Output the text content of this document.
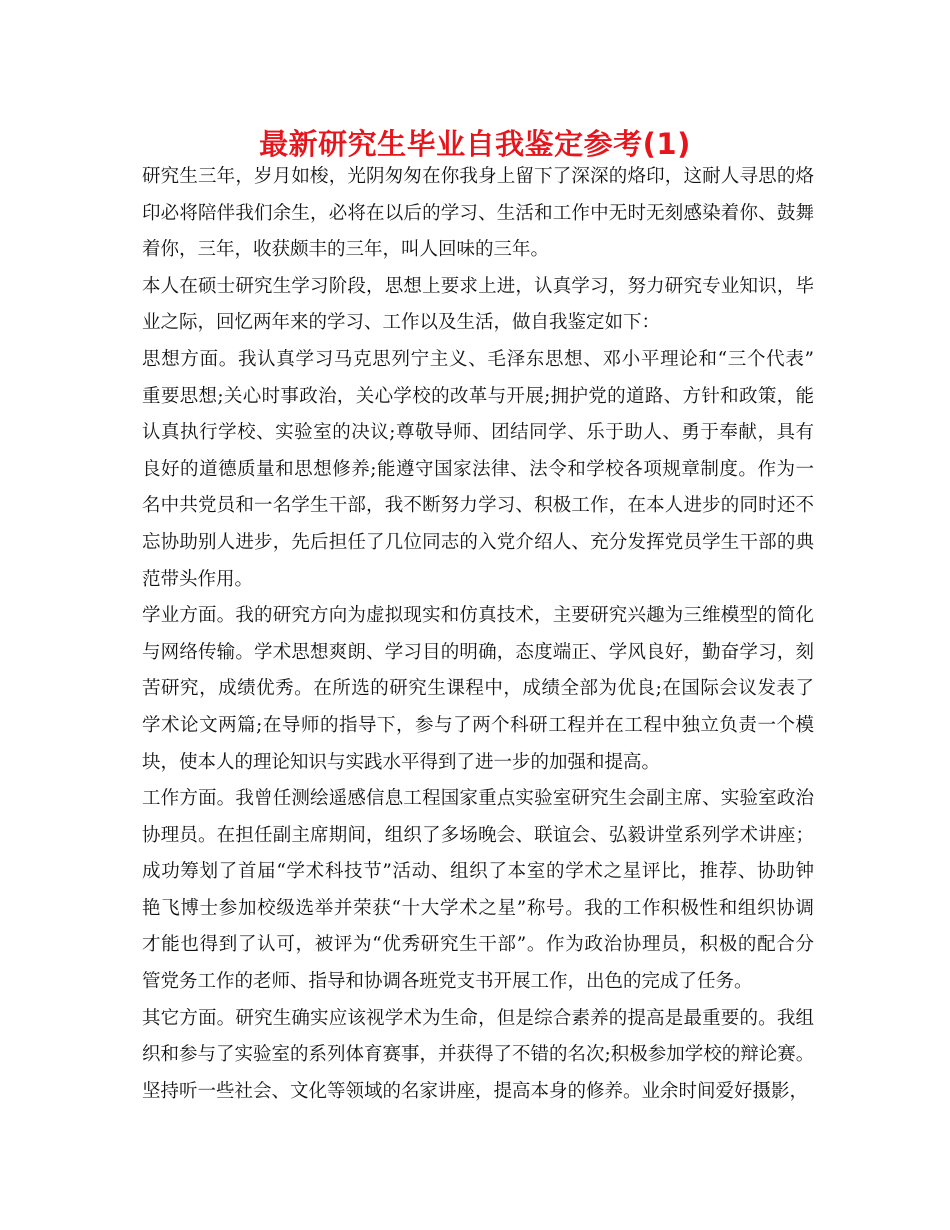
最新研究生毕业自我鉴定参考(1)
研究生三年，岁月如梭，光阴匆匆在你我身上留下了深深的烙印，这耐人寻思的烙
印必将陪伴我们余生，必将在以后的学习、生活和工作中无时无刻感染着你、鼓舞
着你，三年，收获颇丰的三年，叫人回味的三年。
本人在硕士研究生学习阶段，思想上要求上进，认真学习，努力研究专业知识，毕
业之际，回忆两年来的学习、工作以及生活，做自我鉴定如下：
思想方面。我认真学习马克思列宁主义、毛泽东思想、邓小平理论和“三个代表”
重要思想;关心时事政治，关心学校的改革与开展;拥护党的道路、方针和政策，能
认真执行学校、实验室的决议;尊敬导师、团结同学、乐于助人、勇于奉献，具有
良好的道德质量和思想修养;能遵守国家法律、法令和学校各项规章制度。作为一
名中共党员和一名学生干部，我不断努力学习、积极工作，在本人进步的同时还不
忘协助别人进步，先后担任了几位同志的入党介绍人、充分发挥党员学生干部的典
范带头作用。
学业方面。我的研究方向为虚拟现实和仿真技术，主要研究兴趣为三维模型的简化
与网络传输。学术思想爽朗、学习目的明确，态度端正、学风良好，勤奋学习，刻
苦研究，成绩优秀。在所选的研究生课程中，成绩全部为优良;在国际会议发表了
学术论文两篇;在导师的指导下，参与了两个科研工程并在工程中独立负责一个模
块，使本人的理论知识与实践水平得到了进一步的加强和提高。
工作方面。我曾任测绘遥感信息工程国家重点实验室研究生会副主席、实验室政治
协理员。在担任副主席期间，组织了多场晚会、联谊会、弘毅讲堂系列学术讲座；
成功筹划了首届“学术科技节”活动、组织了本室的学术之星评比，推荐、协助钟
艳飞博士参加校级选举并荣获“十大学术之星”称号。我的工作积极性和组织协调
才能也得到了认可，被评为“优秀研究生干部”。作为政治协理员，积极的配合分
管党务工作的老师、指导和协调各班党支书开展工作，出色的完成了任务。
其它方面。研究生确实应该视学术为生命，但是综合素养的提高是最重要的。我组
织和参与了实验室的系列体育赛事，并获得了不错的名次;积极参加学校的辩论赛。
坚持听一些社会、文化等领域的名家讲座，提高本身的修养。业余时间爱好摄影，
